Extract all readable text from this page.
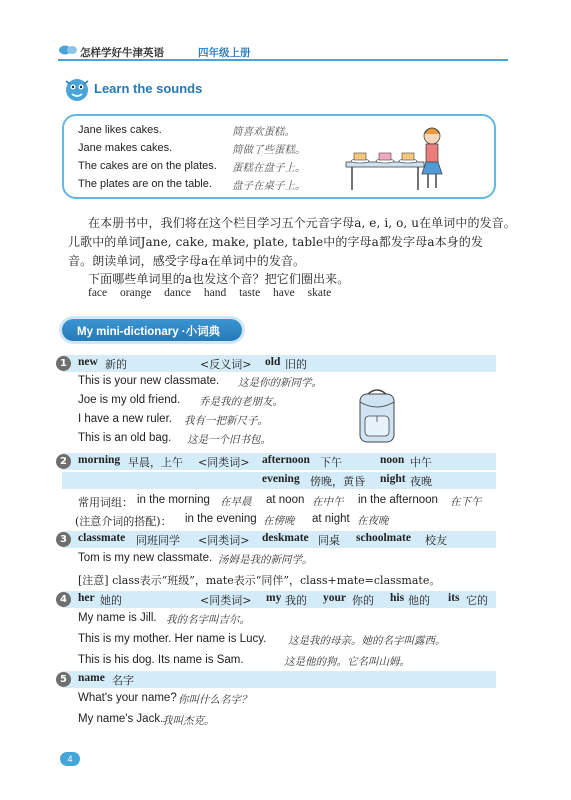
怎样学好牛津英语	四年级上册
Learn the sounds
Jane likes cakes.	简喜欢蛋糕。
Jane makes cakes.	简做了些蛋糕。
The cakes are on the plates. 蛋糕在盘子上。
The plates are on the table. 盘子在桌子上。
在本册书中，我们将在这个栏目学习五个元音字母a, e, i, o, u在单词中的发音。
儿歌中的单词Jane, cake, make, plate, table中的字母a都发字母a本身的发
音。朗读单词，感受字母a在单词中的发音。
下面哪些单词里的a也发这个音？把它们圈出来。
face orange dance hand taste have skate
My mini-dictionary ·小词典
1 new 新的	<反义词> old 旧的
This is your new classmate. 这是你的新同学。
Joe is my old friend. 乔是我的老朋友。
I have a new ruler. 我有一把新尺子。
This is an old bag. 这是一个旧书包。
2 morning 早晨，上午 <同类词> afternoon 下午	noon 中午
evening 傍晚，黄昏 night 夜晚
常用词组： in the morning 在早晨 at noon 在中午 in the afternoon 在下午
(注意介词的搭配)： in the evening 在傍晚 at night 在夜晚
3 classmate 同班同学 <同类词> deskmate 同桌 schoolmate 校友
Tom is my new classmate. 汤姆是我的新同学。
[注意] class表示“班级”，mate表示“同伴”，class+mate=classmate。
4 her 她的	<同类词> my 我的 your 你的 his 他的 its 它的
My name is Jill. 我的名字叫吉尔。
This is my mother. Her name is Lucy. 这是我的母亲。她的名字叫露西。
This is his dog. Its name is Sam.	这是他的狗。它名叫山姆。
5 name 名字
What's your name? 你叫什么名字？
My name's Jack.
我叫杰克。
4
